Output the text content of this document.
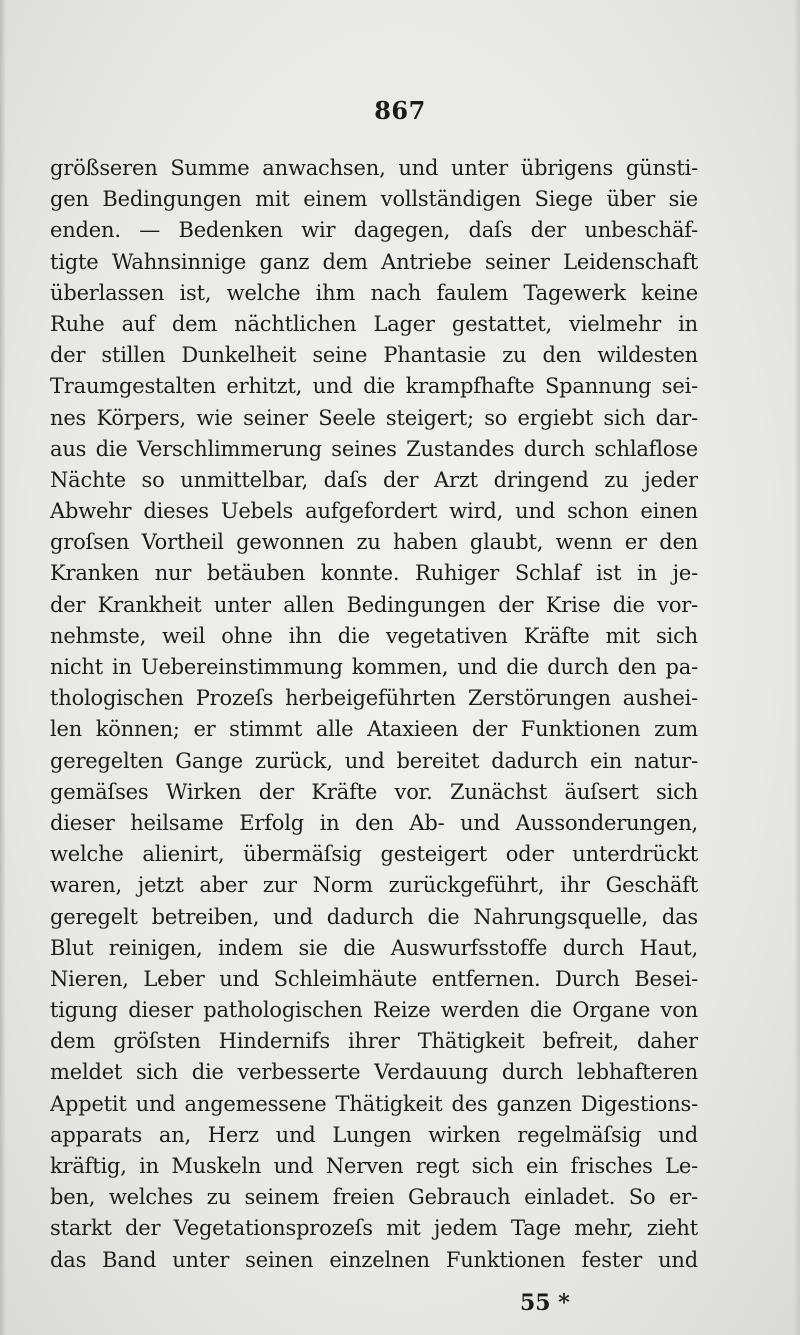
867
größseren Summe anwachsen, und unter übrigens günsti-
gen Bedingungen mit einem vollständigen Siege über sie
enden. — Bedenken wir dagegen, daſs der unbeschäf-
tigte Wahnsinnige ganz dem Antriebe seiner Leidenschaft
überlassen ist, welche ihm nach faulem Tagewerk keine
Ruhe auf dem nächtlichen Lager gestattet, vielmehr in
der stillen Dunkelheit seine Phantasie zu den wildesten
Traumgestalten erhitzt, und die krampfhafte Spannung sei-
nes Körpers, wie seiner Seele steigert; so ergiebt sich dar-
aus die Verschlimmerung seines Zustandes durch schlaflose
Nächte so unmittelbar, daſs der Arzt dringend zu jeder
Abwehr dieses Uebels aufgefordert wird, und schon einen
groſsen Vortheil gewonnen zu haben glaubt, wenn er den
Kranken nur betäuben konnte. Ruhiger Schlaf ist in je-
der Krankheit unter allen Bedingungen der Krise die vor-
nehmste, weil ohne ihn die vegetativen Kräfte mit sich
nicht in Uebereinstimmung kommen, und die durch den pa-
thologischen Prozeſs herbeigeführten Zerstörungen aushei-
len können; er stimmt alle Ataxieen der Funktionen zum
geregelten Gange zurück, und bereitet dadurch ein natur-
gemäſses Wirken der Kräfte vor. Zunächst äuſsert sich
dieser heilsame Erfolg in den Ab- und Aussonderungen,
welche alienirt, übermäſsig gesteigert oder unterdrückt
waren, jetzt aber zur Norm zurückgeführt, ihr Geschäft
geregelt betreiben, und dadurch die Nahrungsquelle, das
Blut reinigen, indem sie die Auswurfsstoffe durch Haut,
Nieren, Leber und Schleimhäute entfernen. Durch Besei-
tigung dieser pathologischen Reize werden die Organe von
dem gröſsten Hindernifs ihrer Thätigkeit befreit, daher
meldet sich die verbesserte Verdauung durch lebhafteren
Appetit und angemessene Thätigkeit des ganzen Digestions-
apparats an, Herz und Lungen wirken regelmäſsig und
kräftig, in Muskeln und Nerven regt sich ein frisches Le-
ben, welches zu seinem freien Gebrauch einladet. So er-
starkt der Vegetationsprozeſs mit jedem Tage mehr, zieht
das Band unter seinen einzelnen Funktionen fester und
55 *
